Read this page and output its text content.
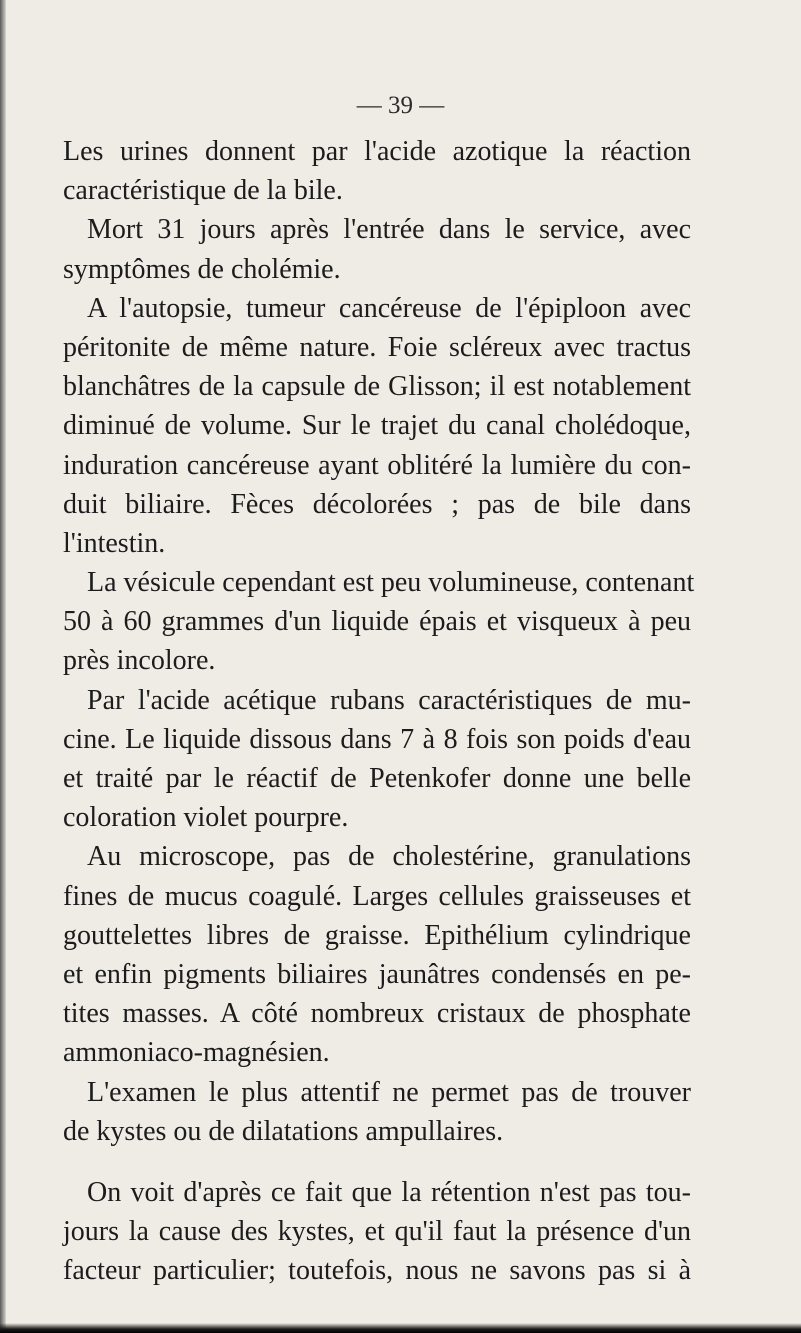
— 39 —
Les urines donnent par l'acide azotique la réaction
caractéristique de la bile.
Mort 31 jours après l'entrée dans le service, avec
symptômes de cholémie.
A l'autopsie, tumeur cancéreuse de l'épiploon avec
péritonite de même nature. Foie scléreux avec tractus
blanchâtres de la capsule de Glisson; il est notablement
diminué de volume. Sur le trajet du canal cholédoque,
induration cancéreuse ayant oblitéré la lumière du con-
duit biliaire. Fèces décolorées ; pas de bile dans
l'intestin.
La vésicule cependant est peu volumineuse, contenant
50 à 60 grammes d'un liquide épais et visqueux à peu
près incolore.
Par l'acide acétique rubans caractéristiques de mu-
cine. Le liquide dissous dans 7 à 8 fois son poids d'eau
et traité par le réactif de Petenkofer donne une belle
coloration violet pourpre.
Au microscope, pas de cholestérine, granulations
fines de mucus coagulé. Larges cellules graisseuses et
gouttelettes libres de graisse. Epithélium cylindrique
et enfin pigments biliaires jaunâtres condensés en pe-
tites masses. A côté nombreux cristaux de phosphate
ammoniaco-magnésien.
L'examen le plus attentif ne permet pas de trouver
de kystes ou de dilatations ampullaires.
On voit d'après ce fait que la rétention n'est pas tou-
jours la cause des kystes, et qu'il faut la présence d'un
facteur particulier; toutefois, nous ne savons pas si à
